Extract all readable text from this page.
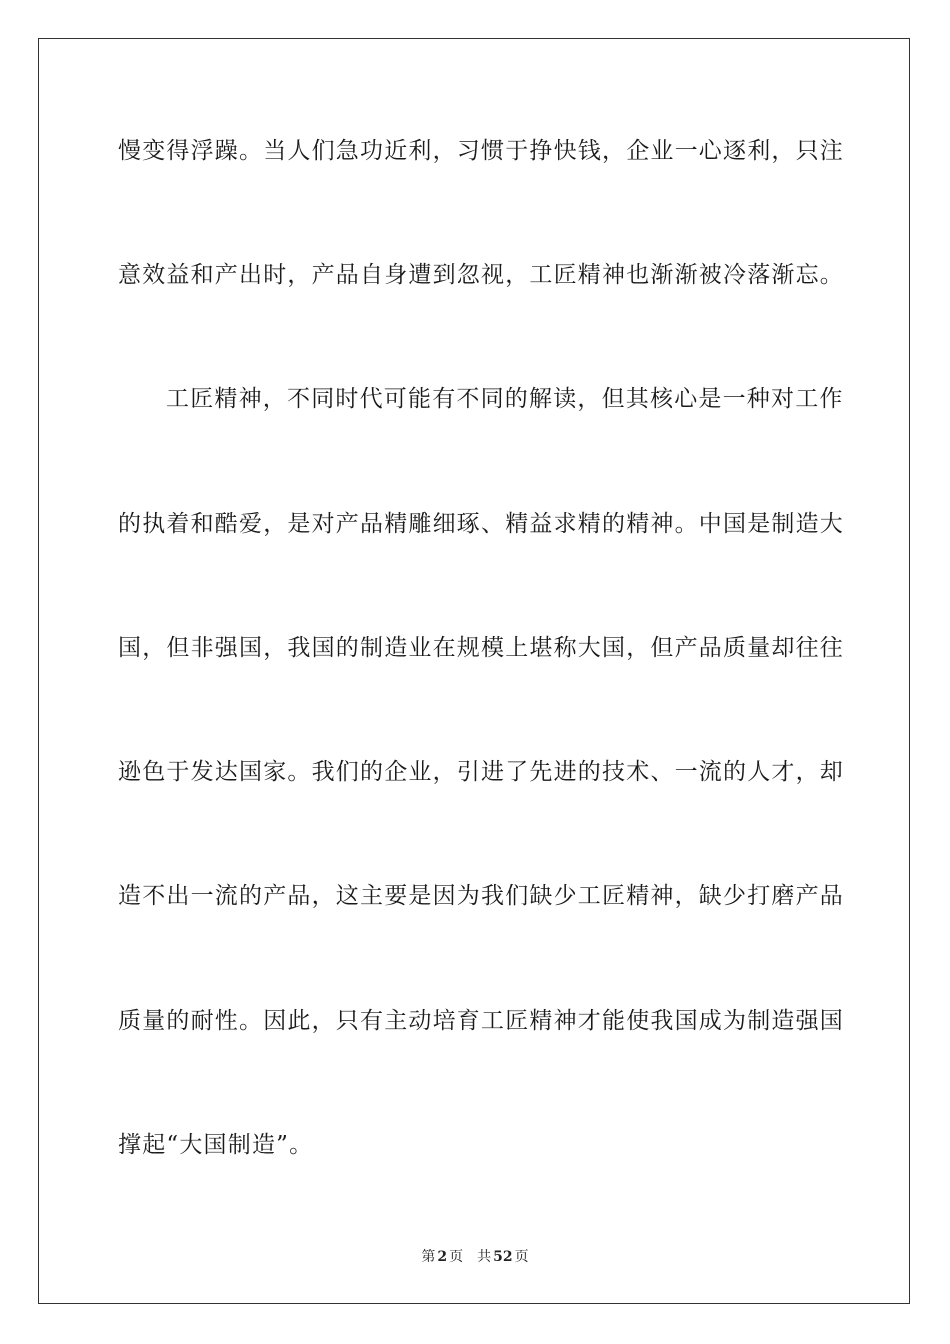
慢变得浮躁。当人们急功近利，习惯于挣快钱，企业一心逐利，只注
意效益和产出时，产品自身遭到忽视，工匠精神也渐渐被冷落渐忘。
工匠精神，不同时代可能有不同的解读，但其核心是一种对工作
的执着和酷爱，是对产品精雕细琢、精益求精的精神。中国是制造大
国，但非强国，我国的制造业在规模上堪称大国，但产品质量却往往
逊色于发达国家。我们的企业，引进了先进的技术、一流的人才，却
造不出一流的产品，这主要是因为我们缺少工匠精神，缺少打磨产品
质量的耐性。因此，只有主动培育工匠精神才能使我国成为制造强国
撑起“大国制造”。
第 2 页 共 52 页
